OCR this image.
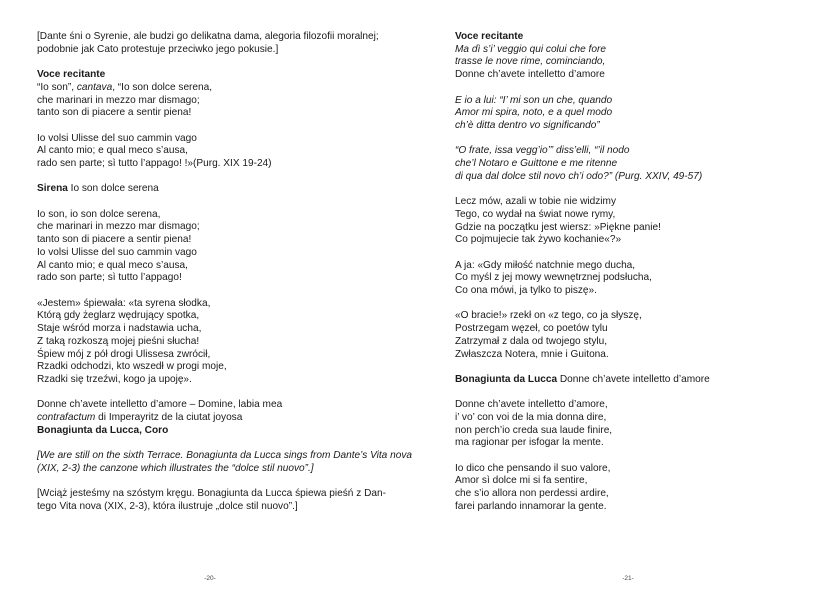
[Dante śni o Syrenie, ale budzi go delikatna dama, alegoria filozofii moralnej;
podobnie jak Cato protestuje przeciwko jego pokusie.]
Voce recitante
“Io son”, cantava, “Io son dolce serena,
che marinari in mezzo mar dismago;
tanto son di piacere a sentir piena!
Io volsi Ulisse del suo cammin vago
Al canto mio; e qual meco s’ausa,
rado sen parte; sì tutto l’appago! !»(Purg. XIX 19-24)
Sirena Io son dolce serena
Io son, io son dolce serena,
che marinari in mezzo mar dismago;
tanto son di piacere a sentir piena!
Io volsi Ulisse del suo cammin vago
Al canto mio; e qual meco s’ausa,
rado son parte; sì tutto l’appago!
«Jestem» śpiewała: «ta syrena słodka,
Którą gdy żeglarz wędrujący spotka,
Staje wśród morza i nadstawia ucha,
Z taką rozkoszą mojej pieśni słucha!
Śpiew mój z pół drogi Ulissesa zwrócił,
Rzadki odchodzi, kto wszedł w progi moje,
Rzadki się trzeźwi, kogo ja upoję».
Donne ch’avete intelletto d’amore – Domine, labia mea
contrafactum di Imperayritz de la ciutat joyosa
Bonagiunta da Lucca, Coro
[We are still on the sixth Terrace. Bonagiunta da Lucca sings from Dante’s Vita nova
(XIX, 2-3) the canzone which illustrates the “dolce stil nuovo”.]
[Wciąż jesteśmy na szóstym kręgu. Bonagiunta da Lucca śpiewa pieśń z Dan-
tego Vita nova (XIX, 2-3), która ilustruje „dolce stil nuovo”.]
Voce recitante
Ma dì s’i’ veggio qui colui che fore
trasse le nove rime, cominciando,
Donne ch’avete intelletto d’amore
E io a lui: “I’ mi son un che, quando
Amor mi spira, noto, e a quel modo
ch’è ditta dentro vo significando”
“O frate, issa vegg’io’” diss’elli, “’il nodo
che’l Notaro e Guittone e me ritenne
di qua dal dolce stil novo ch’i odo?” (Purg. XXIV, 49-57)
Lecz mów, azali w tobie nie widzimy
Tego, co wydał na świat nowe rymy,
Gdzie na początku jest wiersz: »Piękne panie!
Co pojmujecie tak żywo kochanie«?»
A ja: «Gdy miłość natchnie mego ducha,
Co myśl z jej mowy wewnętrznej podsłucha,
Co ona mówi, ja tylko to piszę».
«O bracie!» rzekł on «z tego, co ja słyszę,
Postrzegam węzeł, co poetów tylu
Zatrzymał z dala od twojego stylu,
Zwłaszcza Notera, mnie i Guitona.
Bonagiunta da Lucca Donne ch’avete intelletto d’amore
Donne ch’avete intelletto d’amore,
i’ vo’ con voi de la mia donna dire,
non perch’io creda sua laude finire,
ma ragionar per isfogar la mente.
Io dico che pensando il suo valore,
Amor sì dolce mi si fa sentire,
che s’io allora non perdessi ardire,
farei parlando innamorar la gente.
-20-	-21-
